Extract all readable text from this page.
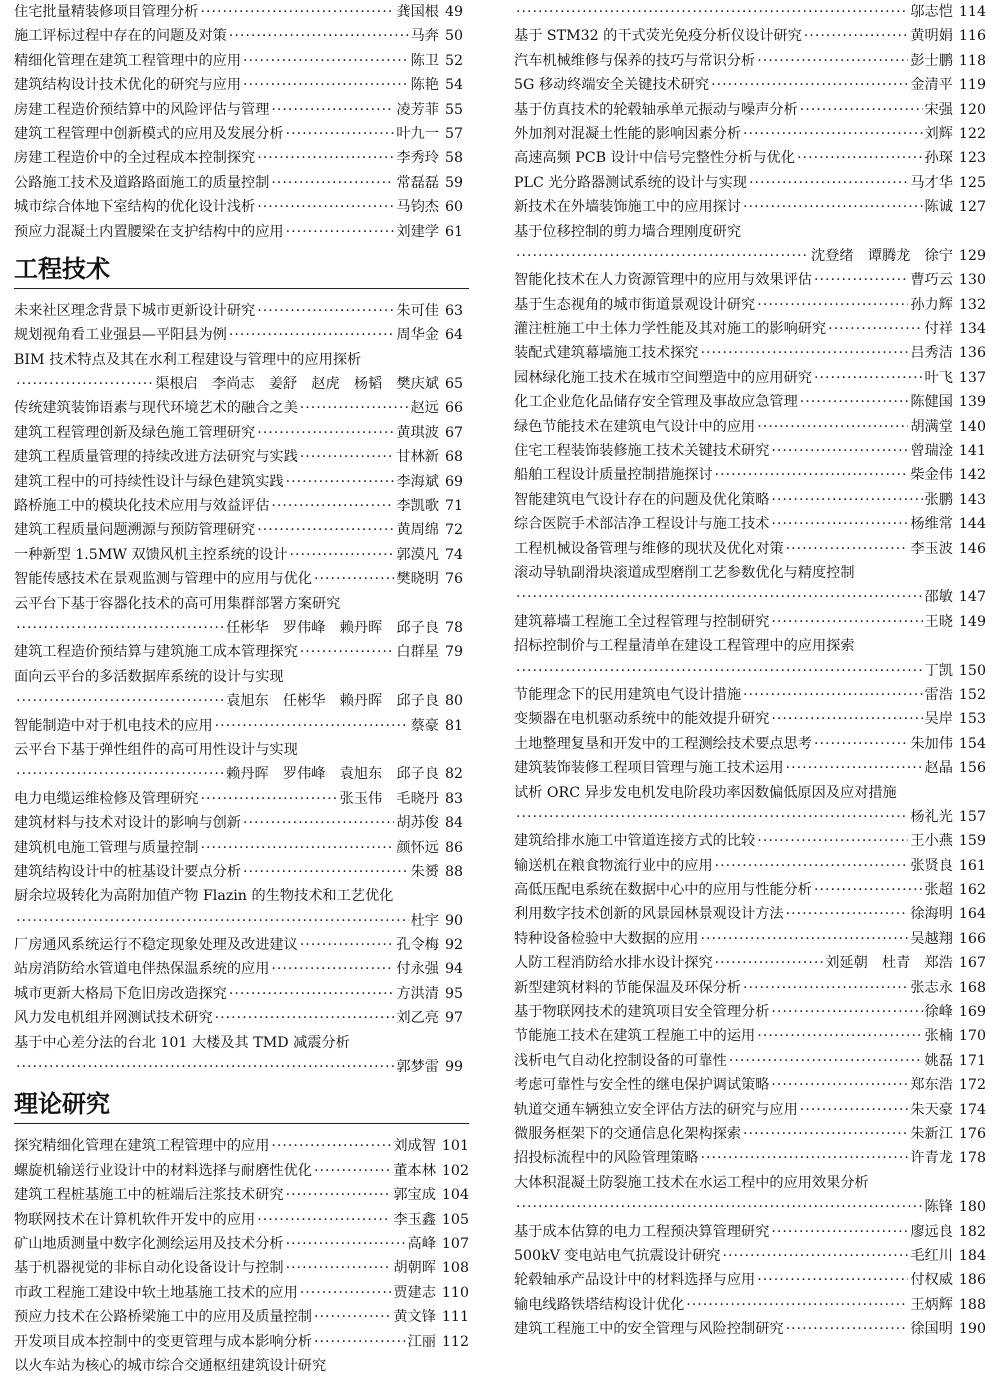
住宅批量精装修项目管理分析 ·····	龚国根 49
施工评标过程中存在的问题及对策 ·····	马奔 50
精细化管理在建筑工程管理中的应用 ·····	陈卫 52
建筑结构设计技术优化的研究与应用 ·····	陈艳 54
房建工程造价预结算中的风险评估与管理 ·····	凌芳菲 55
建筑工程管理中创新模式的应用及发展分析 ·····	叶九一 57
房建工程造价中的全过程成本控制探究 ·····	李秀玲 58
公路施工技术及道路路面施工的质量控制 ·····	常磊磊 59
城市综合体地下室结构的优化设计浅析 ·····	马钧杰 60
预应力混凝土内置腰梁在支护结构中的应用 ·····	刘建学 61
工程技术
未来社区理念背景下城市更新设计研究 ·····	朱可佳 63
规划视角看工业强县—平阳县为例 ·····	周华金 64
BIM 技术特点及其在水利工程建设与管理中的应用探析
·····
渠根启　李尚志　姜舒　赵虎　杨韬　樊庆斌 65
传统建筑装饰语素与现代环境艺术的融合之美 ·····	赵远 66
建筑工程管理创新及绿色施工管理研究 ·····	黄琪波 67
建筑工程质量管理的持续改进方法研究与实践 ·····	甘林新 68
建筑工程中的可持续性设计与绿色建筑实践 ·····	李海斌 69
路桥施工中的模块化技术应用与效益评估 ·····	李凯歌 71
建筑工程质量问题溯源与预防管理研究 ·····	黄周绵 72
一种新型 1.5MW 双馈风机主控系统的设计 ·····	郭漠凡 74
智能传感技术在景观监测与管理中的应用与优化 ·····	樊晓明 76
云平台下基于容器化技术的高可用集群部署方案研究
·····
任彬华　罗伟峰　赖丹晖　邱子良 78
建筑工程造价预结算与建筑施工成本管理探究 ·····	白群星 79
面向云平台的多活数据库系统的设计与实现
·····
袁旭东　任彬华　赖丹晖　邱子良 80
智能制造中对于机电技术的应用 ·····	蔡豪 81
云平台下基于弹性组件的高可用性设计与实现
·····
赖丹晖　罗伟峰　袁旭东　邱子良 82
电力电缆运维检修及管理研究 ·····	张玉伟　毛晓丹 83
建筑材料与技术对设计的影响与创新 ·····	胡苏俊 84
建筑机电施工管理与质量控制 ·····	颜怀远 86
建筑结构设计中的桩基设计要点分析 ·····	朱赟 88
厨余垃圾转化为高附加值产物 Flazin 的生物技术和工艺优化
·····
杜宇 90
厂房通风系统运行不稳定现象处理及改进建议 ·····	孔令梅 92
站房消防给水管道电伴热保温系统的应用 ·····	付永强 94
城市更新大格局下危旧房改造探究 ·····	方洪清 95
风力发电机组并网测试技术研究 ·····	刘乙亮 97
基于中心差分法的台北 101 大楼及其 TMD 减震分析
·····
郭梦雷 99
理论研究
探究精细化管理在建筑工程管理中的应用 ·····	刘成智 101
螺旋机输送行业设计中的材料选择与耐磨性优化 ·····	董本林 102
建筑工程桩基施工中的桩端后注浆技术研究 ·····	郭宝成 104
物联网技术在计算机软件开发中的应用 ·····	李玉鑫 105
矿山地质测量中数字化测绘运用及技术分析 ·····	高峰 107
基于机器视觉的非标自动化设备设计与控制 ·····	胡朝晖 108
市政工程施工建设中软土地基施工技术的应用 ·····	贾建志 110
预应力技术在公路桥梁施工中的应用及质量控制 ·····	黄文锋 111
开发项目成本控制中的变更管理与成本影响分析 ·····	江丽 112
以火车站为核心的城市综合交通枢纽建筑设计研究
·····
邬志恺 114
基于 STM32 的干式荧光免疫分析仪设计研究 ·····	黄明娟 116
汽车机械维修与保养的技巧与常识分析 ·····	彭士鹏 118
5G 移动终端安全关键技术研究 ·····	金清平 119
基于仿真技术的轮毂轴承单元振动与噪声分析 ·····	宋强 120
外加剂对混凝土性能的影响因素分析 ·····	刘辉 122
高速高频 PCB 设计中信号完整性分析与优化 ·····	孙琛 123
PLC 光分路器测试系统的设计与实现 ·····	马才华 125
新技术在外墙装饰施工中的应用探讨 ·····	陈诚 127
基于位移控制的剪力墙合理刚度研究
·····
沈登绪　谭腾龙　徐宁 129
智能化技术在人力资源管理中的应用与效果评估 ·····	曹巧云 130
基于生态视角的城市街道景观设计研究 ·····	孙力辉 132
灌注桩施工中土体力学性能及其对施工的影响研究 ·····	付祥 134
装配式建筑幕墙施工技术探究 ·····	吕秀洁 136
园林绿化施工技术在城市空间塑造中的应用研究 ·····	叶飞 137
化工企业危化品储存安全管理及事故应急管理 ·····	陈健国 139
绿色节能技术在建筑电气设计中的应用 ·····	胡满堂 140
住宅工程装饰装修施工技术关键技术研究 ·····	曾瑞淦 141
船舶工程设计质量控制措施探讨 ·····	柴金伟 142
智能建筑电气设计存在的问题及优化策略 ·····	张鹏 143
综合医院手术部洁净工程设计与施工技术 ·····	杨维常 144
工程机械设备管理与维修的现状及优化对策 ·····	李玉波 146
滚动导轨副滑块滚道成型磨削工艺参数优化与精度控制
·····
邵敏 147
建筑幕墙工程施工全过程管理与控制研究 ·····	王晓 149
招标控制价与工程量清单在建设工程管理中的应用探索
·····
丁凯 150
节能理念下的民用建筑电气设计措施 ·····	雷浩 152
变频器在电机驱动系统中的能效提升研究 ·····	吴岸 153
土地整理复垦和开发中的工程测绘技术要点思考 ·····	朱加伟 154
建筑装饰装修工程项目管理与施工技术运用 ·····	赵晶 156
试析 ORC 异步发电机发电阶段功率因数偏低原因及应对措施
·····
杨礼光 157
建筑给排水施工中管道连接方式的比较 ·····	王小燕 159
输送机在粮食物流行业中的应用 ·····	张贤良 161
高低压配电系统在数据中心中的应用与性能分析 ·····	张超 162
利用数字技术创新的风景园林景观设计方法 ·····	徐海明 164
特种设备检验中大数据的应用 ·····	吴越翔 166
人防工程消防给水排水设计探究 ·····	刘延朝　杜青　郑浩 167
新型建筑材料的节能保温及环保分析 ·····	张志永 168
基于物联网技术的建筑项目安全管理分析 ·····	徐峰 169
节能施工技术在建筑工程施工中的运用 ·····	张楠 170
浅析电气自动化控制设备的可靠性 ·····	姚磊 171
考虑可靠性与安全性的继电保护调试策略 ·····	郑东浩 172
轨道交通车辆独立安全评估方法的研究与应用 ·····	朱天豪 174
微服务框架下的交通信息化架构探索 ·····	朱新江 176
招投标流程中的风险管理策略 ·····	许青龙 178
大体积混凝土防裂施工技术在水运工程中的应用效果分析
·····
陈锋 180
基于成本估算的电力工程预决算管理研究 ·····	廖远良 182
500kV 变电站电气抗震设计研究 ·····	毛红川 184
轮毂轴承产品设计中的材料选择与应用 ·····	付权威 186
输电线路铁塔结构设计优化 ·····	王炳辉 188
建筑工程施工中的安全管理与风险控制研究 ·····	徐国明 190
